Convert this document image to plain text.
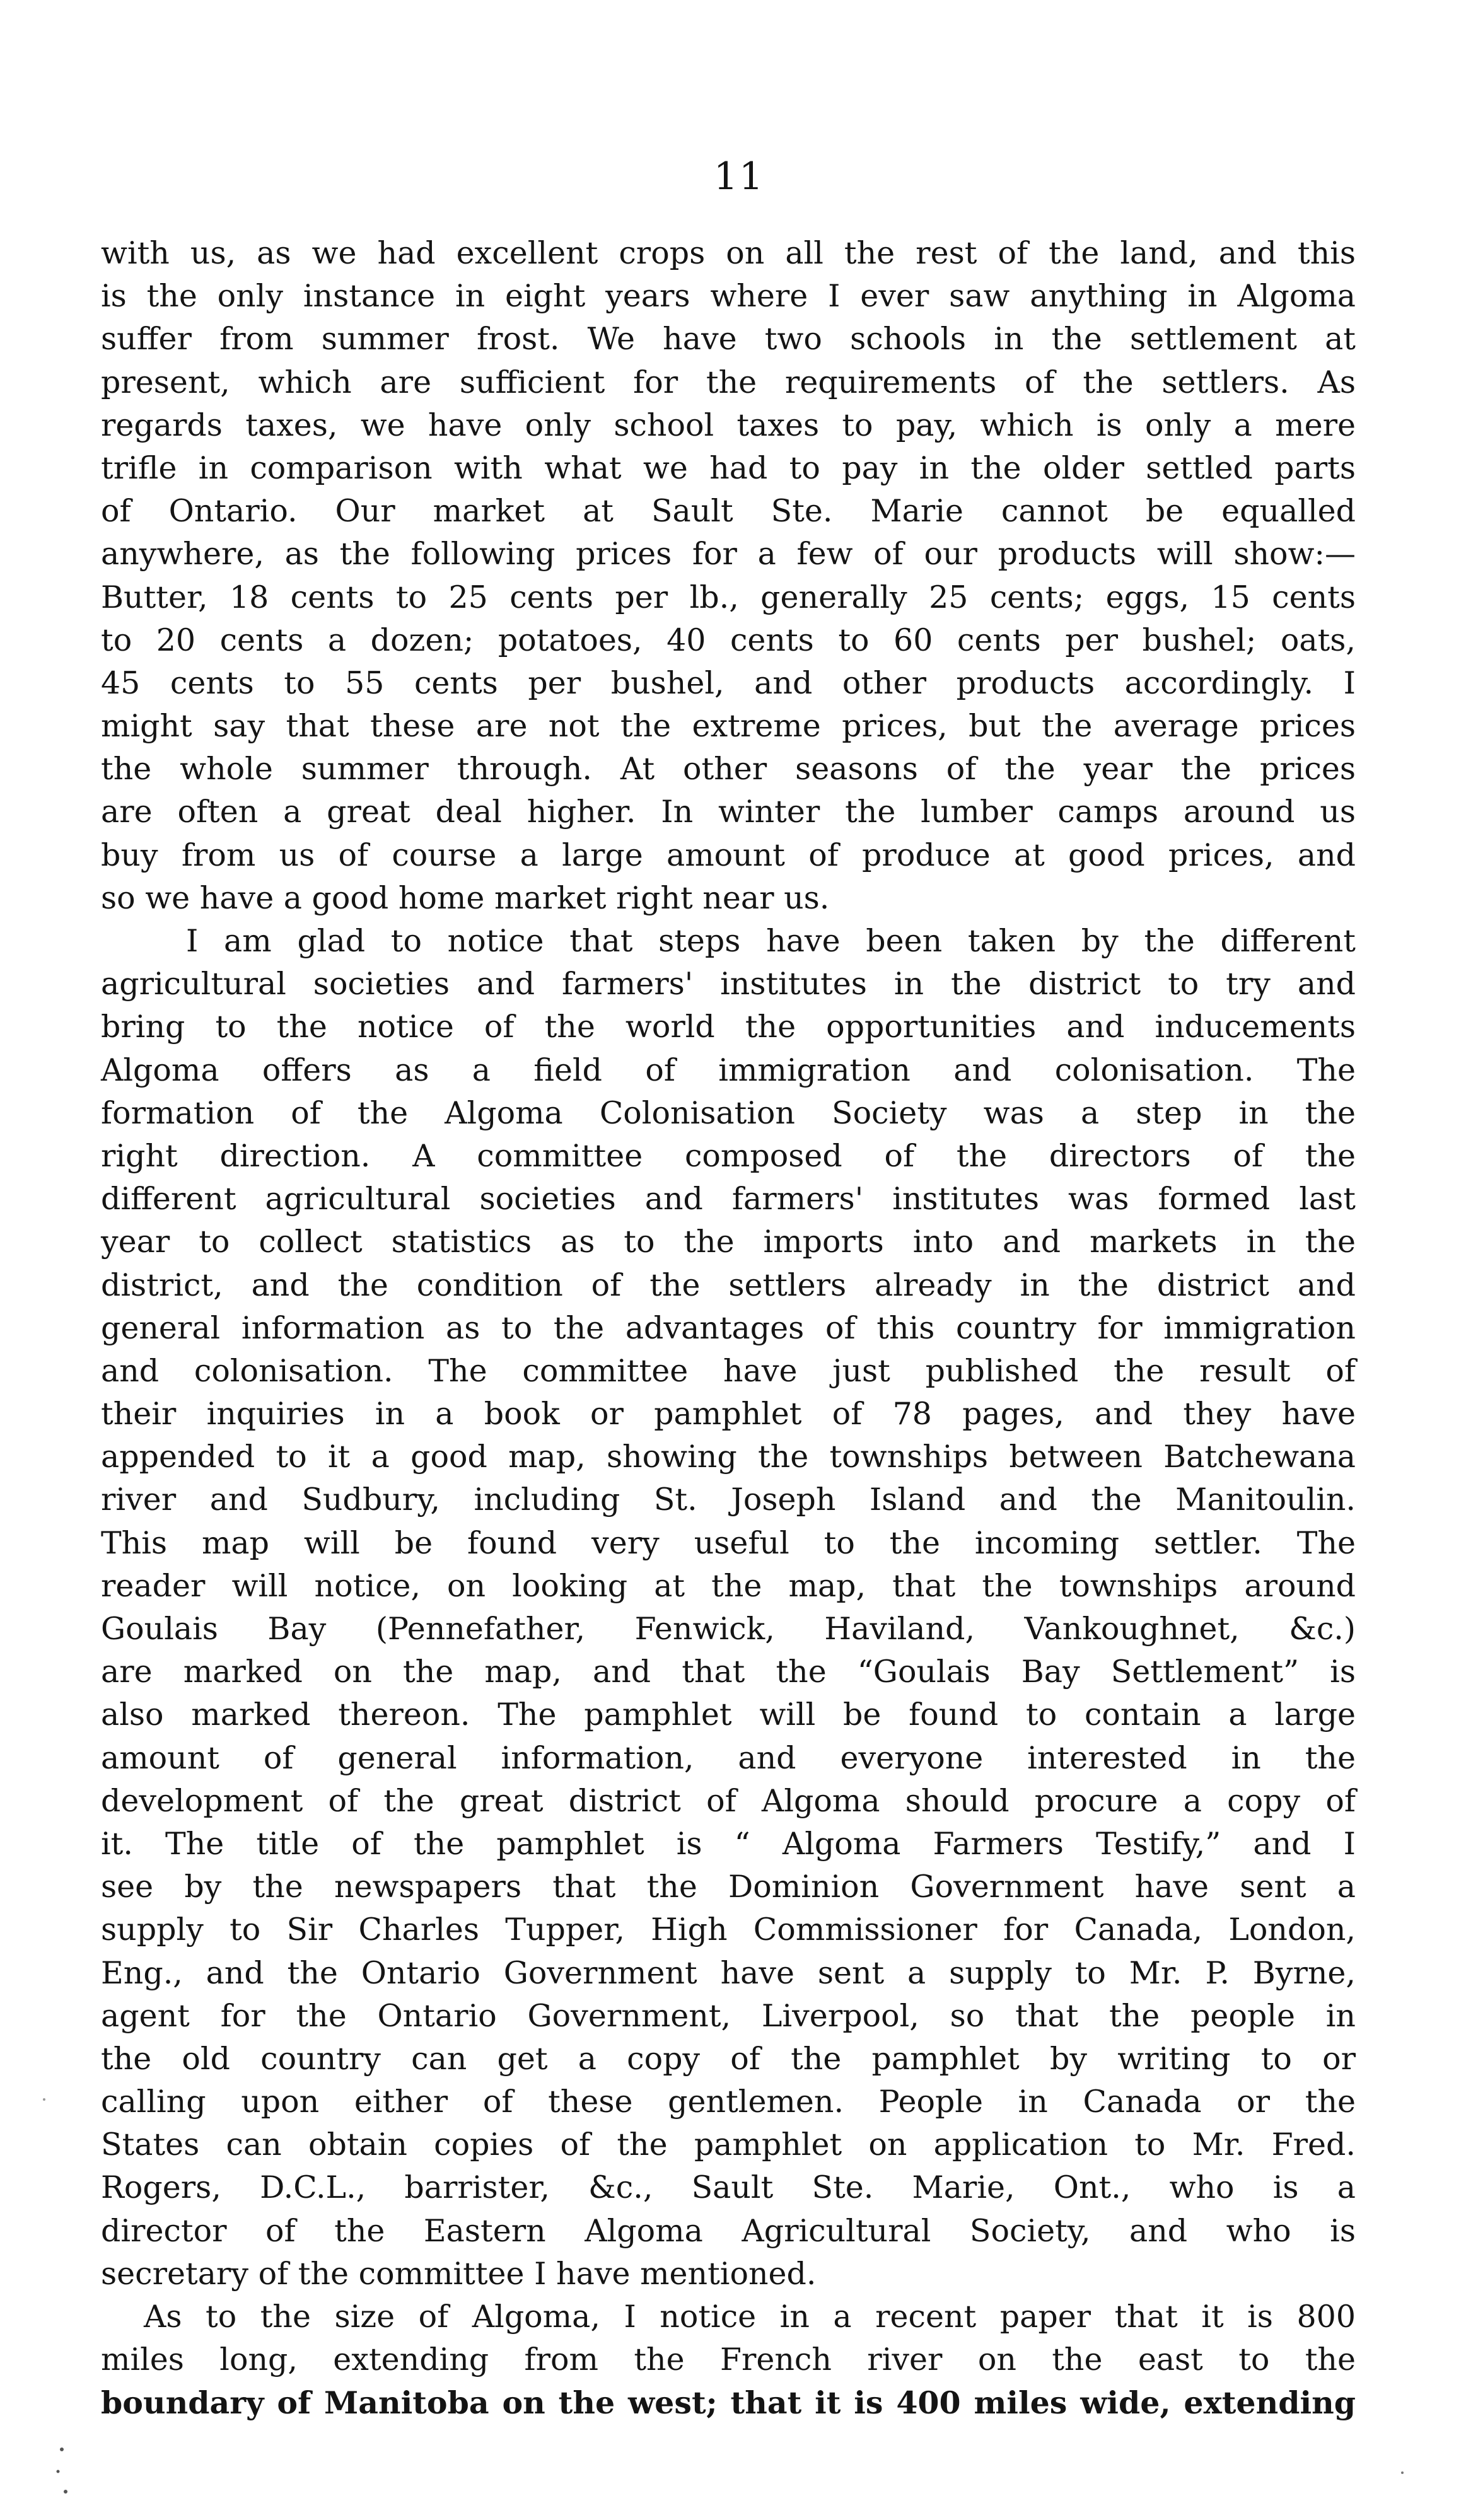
11
with us, as we had excellent crops on all the rest of the land, and this
is the only instance in eight years where I ever saw anything in Algoma
suffer from summer frost. We have two schools in the settlement at
present, which are sufficient for the requirements of the settlers. As
regards taxes, we have only school taxes to pay, which is only a mere
trifle in comparison with what we had to pay in the older settled parts
of Ontario. Our market at Sault Ste. Marie cannot be equalled
anywhere, as the following prices for a few of our products will show:—
Butter, 18 cents to 25 cents per lb., generally 25 cents; eggs, 15 cents
to 20 cents a dozen; potatoes, 40 cents to 60 cents per bushel; oats,
45 cents to 55 cents per bushel, and other products accordingly. I
might say that these are not the extreme prices, but the average prices
the whole summer through. At other seasons of the year the prices
are often a great deal higher. In winter the lumber camps around us
buy from us of course a large amount of produce at good prices, and
so we have a good home market right near us.
I am glad to notice that steps have been taken by the different
agricultural societies and farmers' institutes in the district to try and
bring to the notice of the world the opportunities and inducements
Algoma offers as a field of immigration and colonisation. The
formation of the Algoma Colonisation Society was a step in the
right direction. A committee composed of the directors of the
different agricultural societies and farmers' institutes was formed last
year to collect statistics as to the imports into and markets in the
district, and the condition of the settlers already in the district and
general information as to the advantages of this country for immigration
and colonisation. The committee have just published the result of
their inquiries in a book or pamphlet of 78 pages, and they have
appended to it a good map, showing the townships between Batchewana
river and Sudbury, including St. Joseph Island and the Manitoulin.
This map will be found very useful to the incoming settler. The
reader will notice, on looking at the map, that the townships around
Goulais Bay (Pennefather, Fenwick, Haviland, Vankoughnet, &c.)
are marked on the map, and that the “Goulais Bay Settlement” is
also marked thereon. The pamphlet will be found to contain a large
amount of general information, and everyone interested in the
development of the great district of Algoma should procure a copy of
it. The title of the pamphlet is “ Algoma Farmers Testify,” and I
see by the newspapers that the Dominion Government have sent a
supply to Sir Charles Tupper, High Commissioner for Canada, London,
Eng., and the Ontario Government have sent a supply to Mr. P. Byrne,
agent for the Ontario Government, Liverpool, so that the people in
the old country can get a copy of the pamphlet by writing to or
calling upon either of these gentlemen. People in Canada or the
States can obtain copies of the pamphlet on application to Mr. Fred.
Rogers, D.C.L., barrister, &c., Sault Ste. Marie, Ont., who is a
director of the Eastern Algoma Agricultural Society, and who is
secretary of the committee I have mentioned.
As to the size of Algoma, I notice in a recent paper that it is 800
miles long, extending from the French river on the east to the
boundary of Manitoba on the west; that it is 400 miles wide, extending
